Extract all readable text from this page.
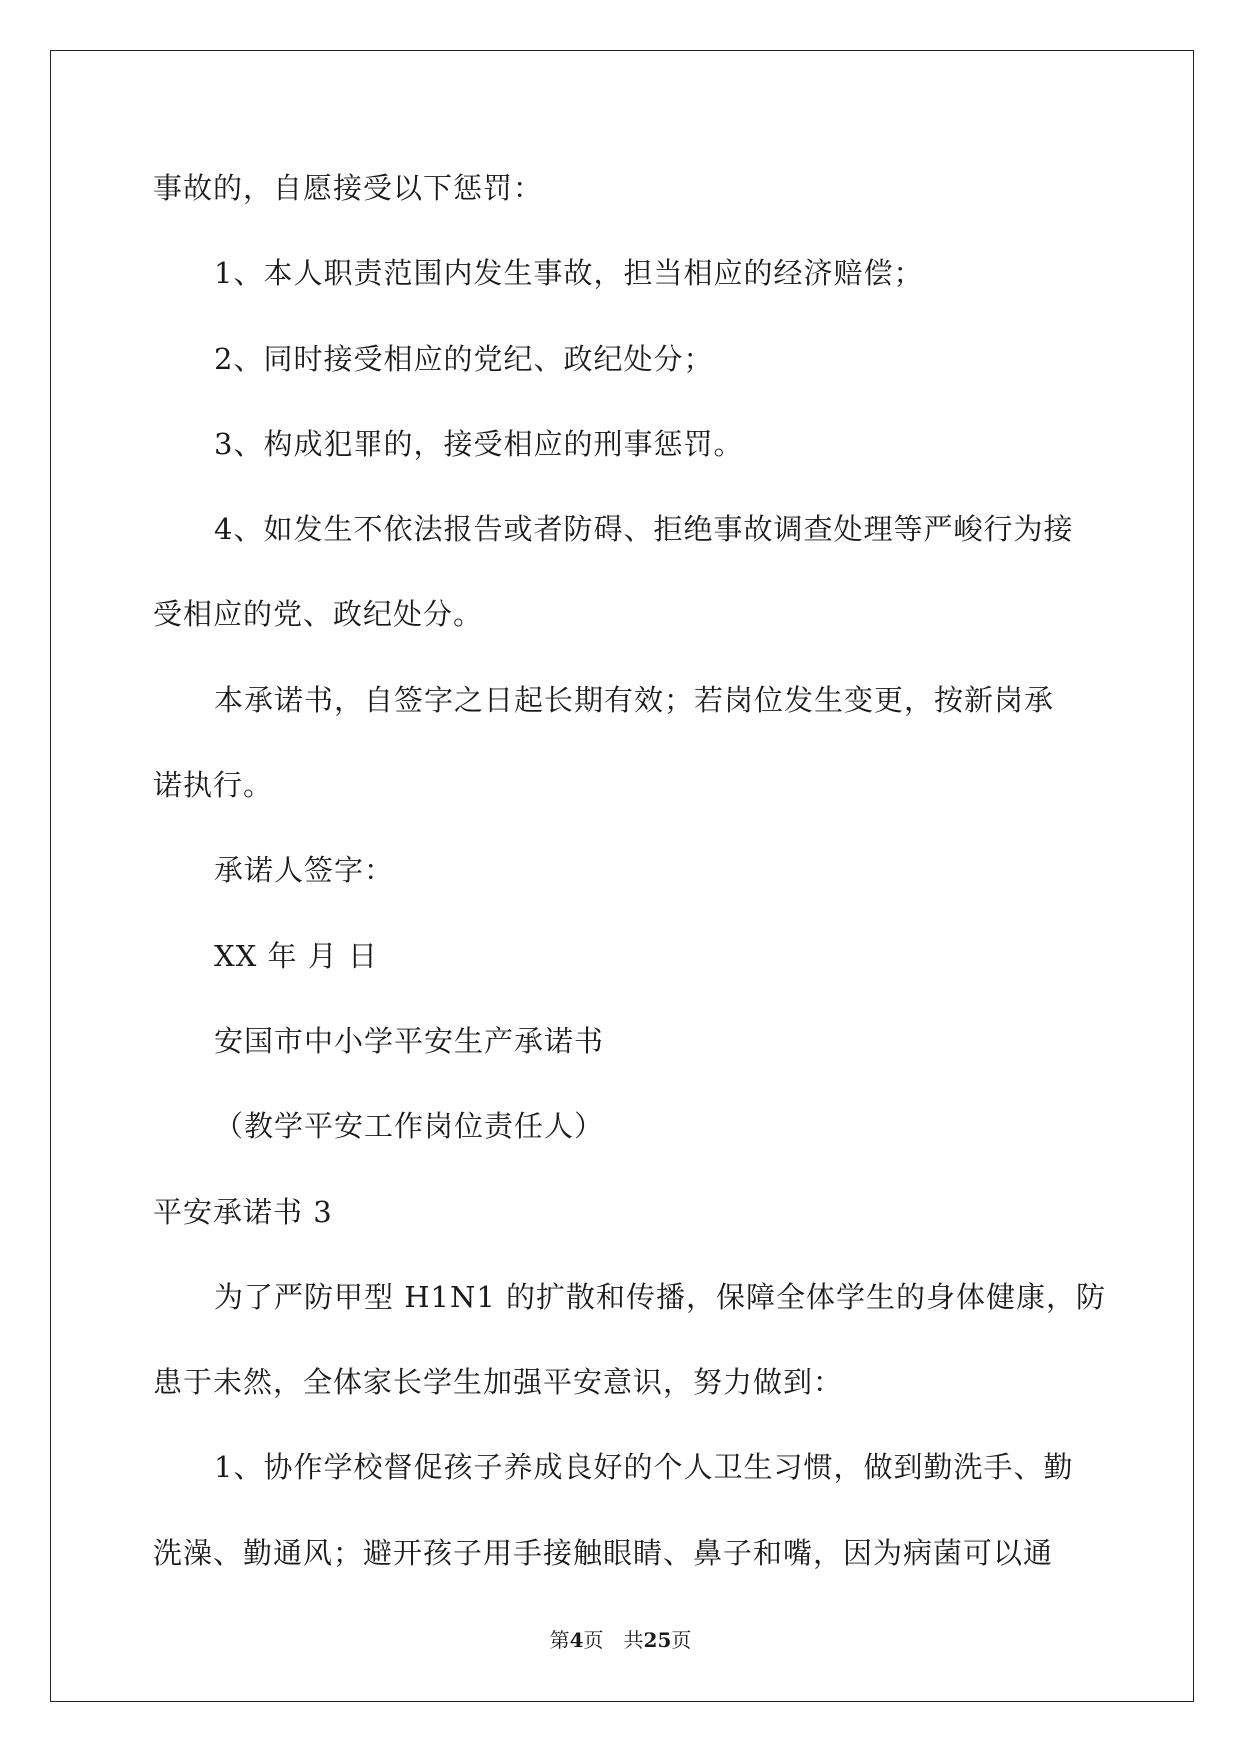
事故的，自愿接受以下惩罚：
1、本人职责范围内发生事故，担当相应的经济赔偿；
2、同时接受相应的党纪、政纪处分；
3、构成犯罪的，接受相应的刑事惩罚。
4、如发生不依法报告或者防碍、拒绝事故调查处理等严峻行为接
受相应的党、政纪处分。
本承诺书，自签字之日起长期有效；若岗位发生变更，按新岗承
诺执行。
承诺人签字：
XX 年 月 日
安国市中小学平安生产承诺书
（教学平安工作岗位责任人）
平安承诺书 3
为了严防甲型 H1N1 的扩散和传播，保障全体学生的身体健康，防
患于未然，全体家长学生加强平安意识，努力做到：
1、协作学校督促孩子养成良好的个人卫生习惯，做到勤洗手、勤
洗澡、勤通风；避开孩子用手接触眼睛、鼻子和嘴，因为病菌可以通
第4页 共25页
